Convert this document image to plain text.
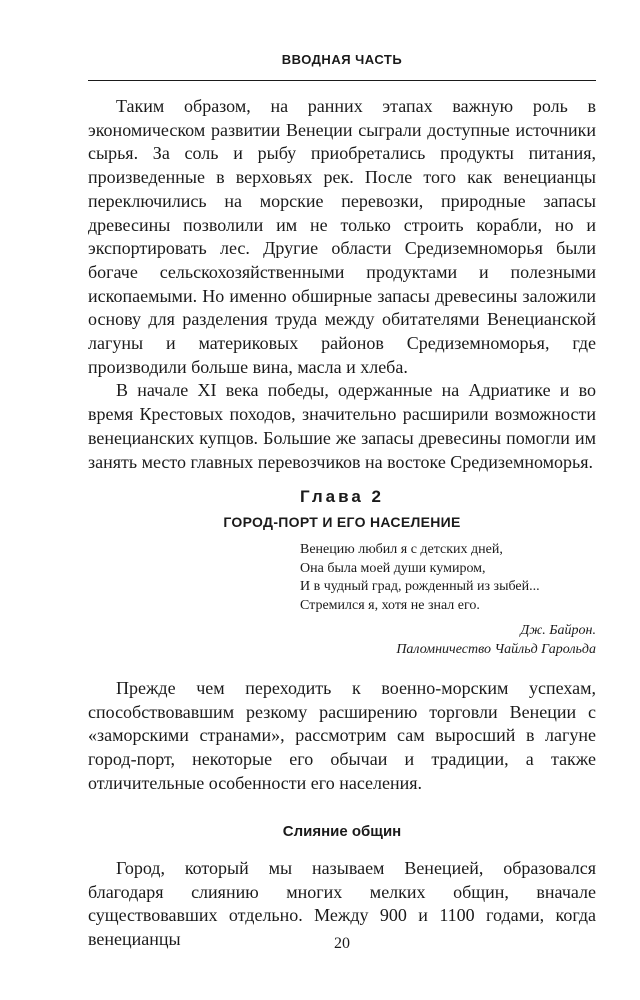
ВВОДНАЯ ЧАСТЬ

Таким образом, на ранних этапах важную роль в экономическом развитии Венеции сыграли доступные источники сырья. За соль и рыбу приобретались продукты питания, произведенные в верховьях рек. После того как венецианцы переключились на морские перевозки, природные запасы древесины позволили им не только строить корабли, но и экспортировать лес. Другие области Средиземноморья были богаче сельскохозяйственными продуктами и полезными ископаемыми. Но именно обширные запасы древесины заложили основу для разделения труда между обитателями Венецианской лагуны и материковых районов Средиземноморья, где производили больше вина, масла и хлеба.

В начале XI века победы, одержанные на Адриатике и во время Крестовых походов, значительно расширили возможности венецианских купцов. Большие же запасы древесины помогли им занять место главных перевозчиков на востоке Средиземноморья.

Глава 2
ГОРОД-ПОРТ И ЕГО НАСЕЛЕНИЕ
Венецию любил я с детских дней,
Она была моей души кумиром,
И в чудный град, рожденный из зыбей...
Стремился я, хотя не знал его.
Дж. Байрон.
Паломничество Чайльд Гарольда

Прежде чем переходить к военно-морским успехам, способствовавшим резкому расширению торговли Венеции с «заморскими странами», рассмотрим сам выросший в лагуне город-порт, некоторые его обычаи и традиции, а также отличительные особенности его населения.

Слияние общин

Город, который мы называем Венецией, образовался благодаря слиянию многих мелких общин, вначале существовавших отдельно. Между 900 и 1100 годами, когда венецианцы	20
